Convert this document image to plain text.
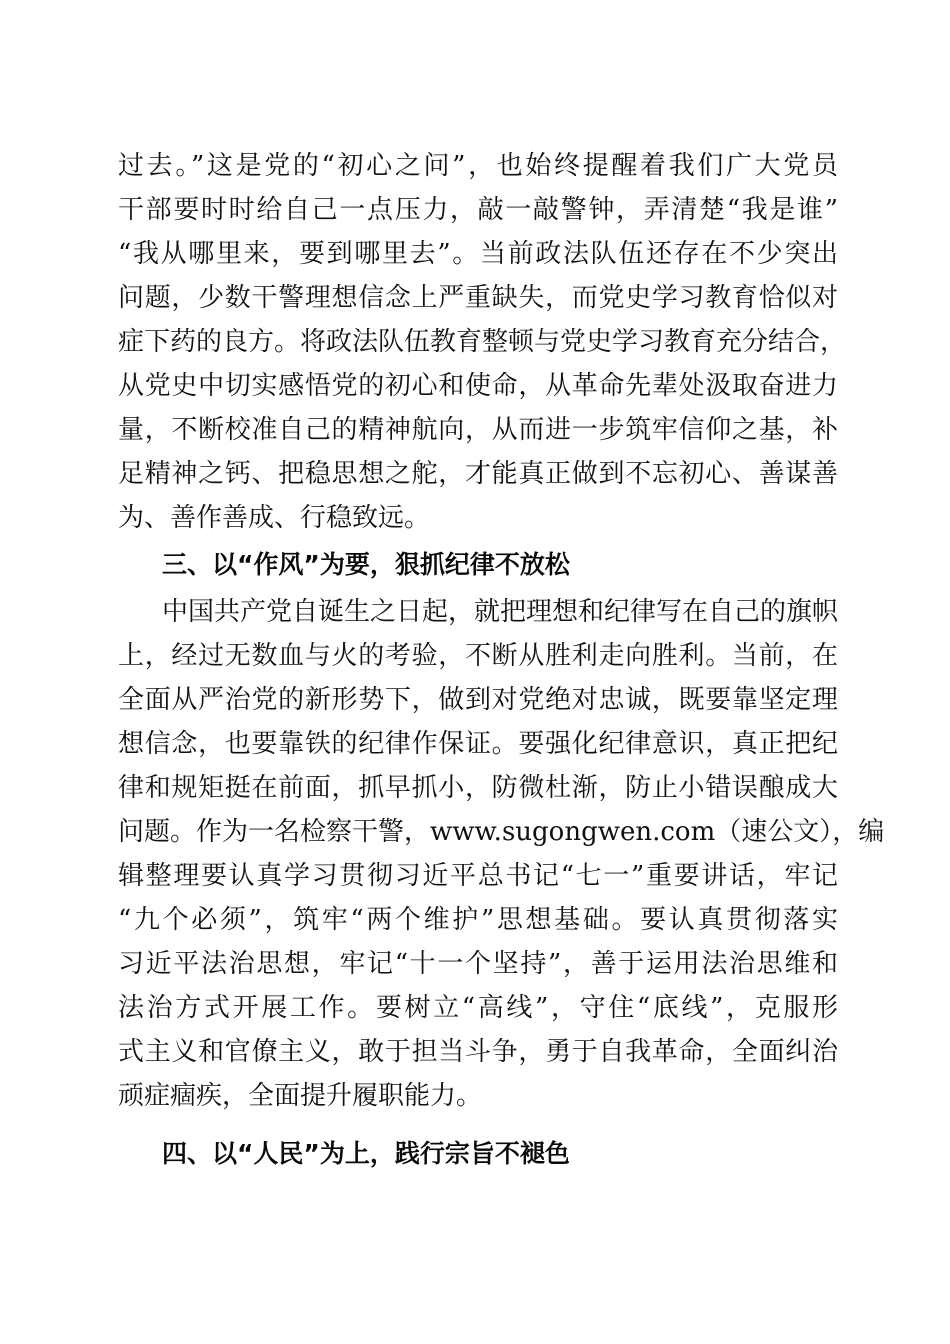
过去。”这是党的“初心之问”，也始终提醒着我们广大党员
干部要时时给自己一点压力，敲一敲警钟，弄清楚“我是谁”
“我从哪里来，要到哪里去”。当前政法队伍还存在不少突出
问题，少数干警理想信念上严重缺失，而党史学习教育恰似对
症下药的良方。将政法队伍教育整顿与党史学习教育充分结合，
从党史中切实感悟党的初心和使命，从革命先辈处汲取奋进力
量，不断校准自己的精神航向，从而进一步筑牢信仰之基，补
足精神之钙、把稳思想之舵，才能真正做到不忘初心、善谋善
为、善作善成、行稳致远。
三、以“作风”为要，狠抓纪律不放松
中国共产党自诞生之日起，就把理想和纪律写在自己的旗帜
上，经过无数血与火的考验，不断从胜利走向胜利。当前，在
全面从严治党的新形势下，做到对党绝对忠诚，既要靠坚定理
想信念，也要靠铁的纪律作保证。要强化纪律意识，真正把纪
律和规矩挺在前面，抓早抓小，防微杜渐，防止小错误酿成大
问题。作为一名检察干警，www.sugongwen.com（速公文），编
辑整理要认真学习贯彻习近平总书记“七一”重要讲话，牢记
“九个必须”，筑牢“两个维护”思想基础。要认真贯彻落实
习近平法治思想，牢记“十一个坚持”，善于运用法治思维和
法治方式开展工作。要树立“高线”，守住“底线”，克服形
式主义和官僚主义，敢于担当斗争，勇于自我革命，全面纠治
顽症痼疾，全面提升履职能力。
四、以“人民”为上，践行宗旨不褪色
